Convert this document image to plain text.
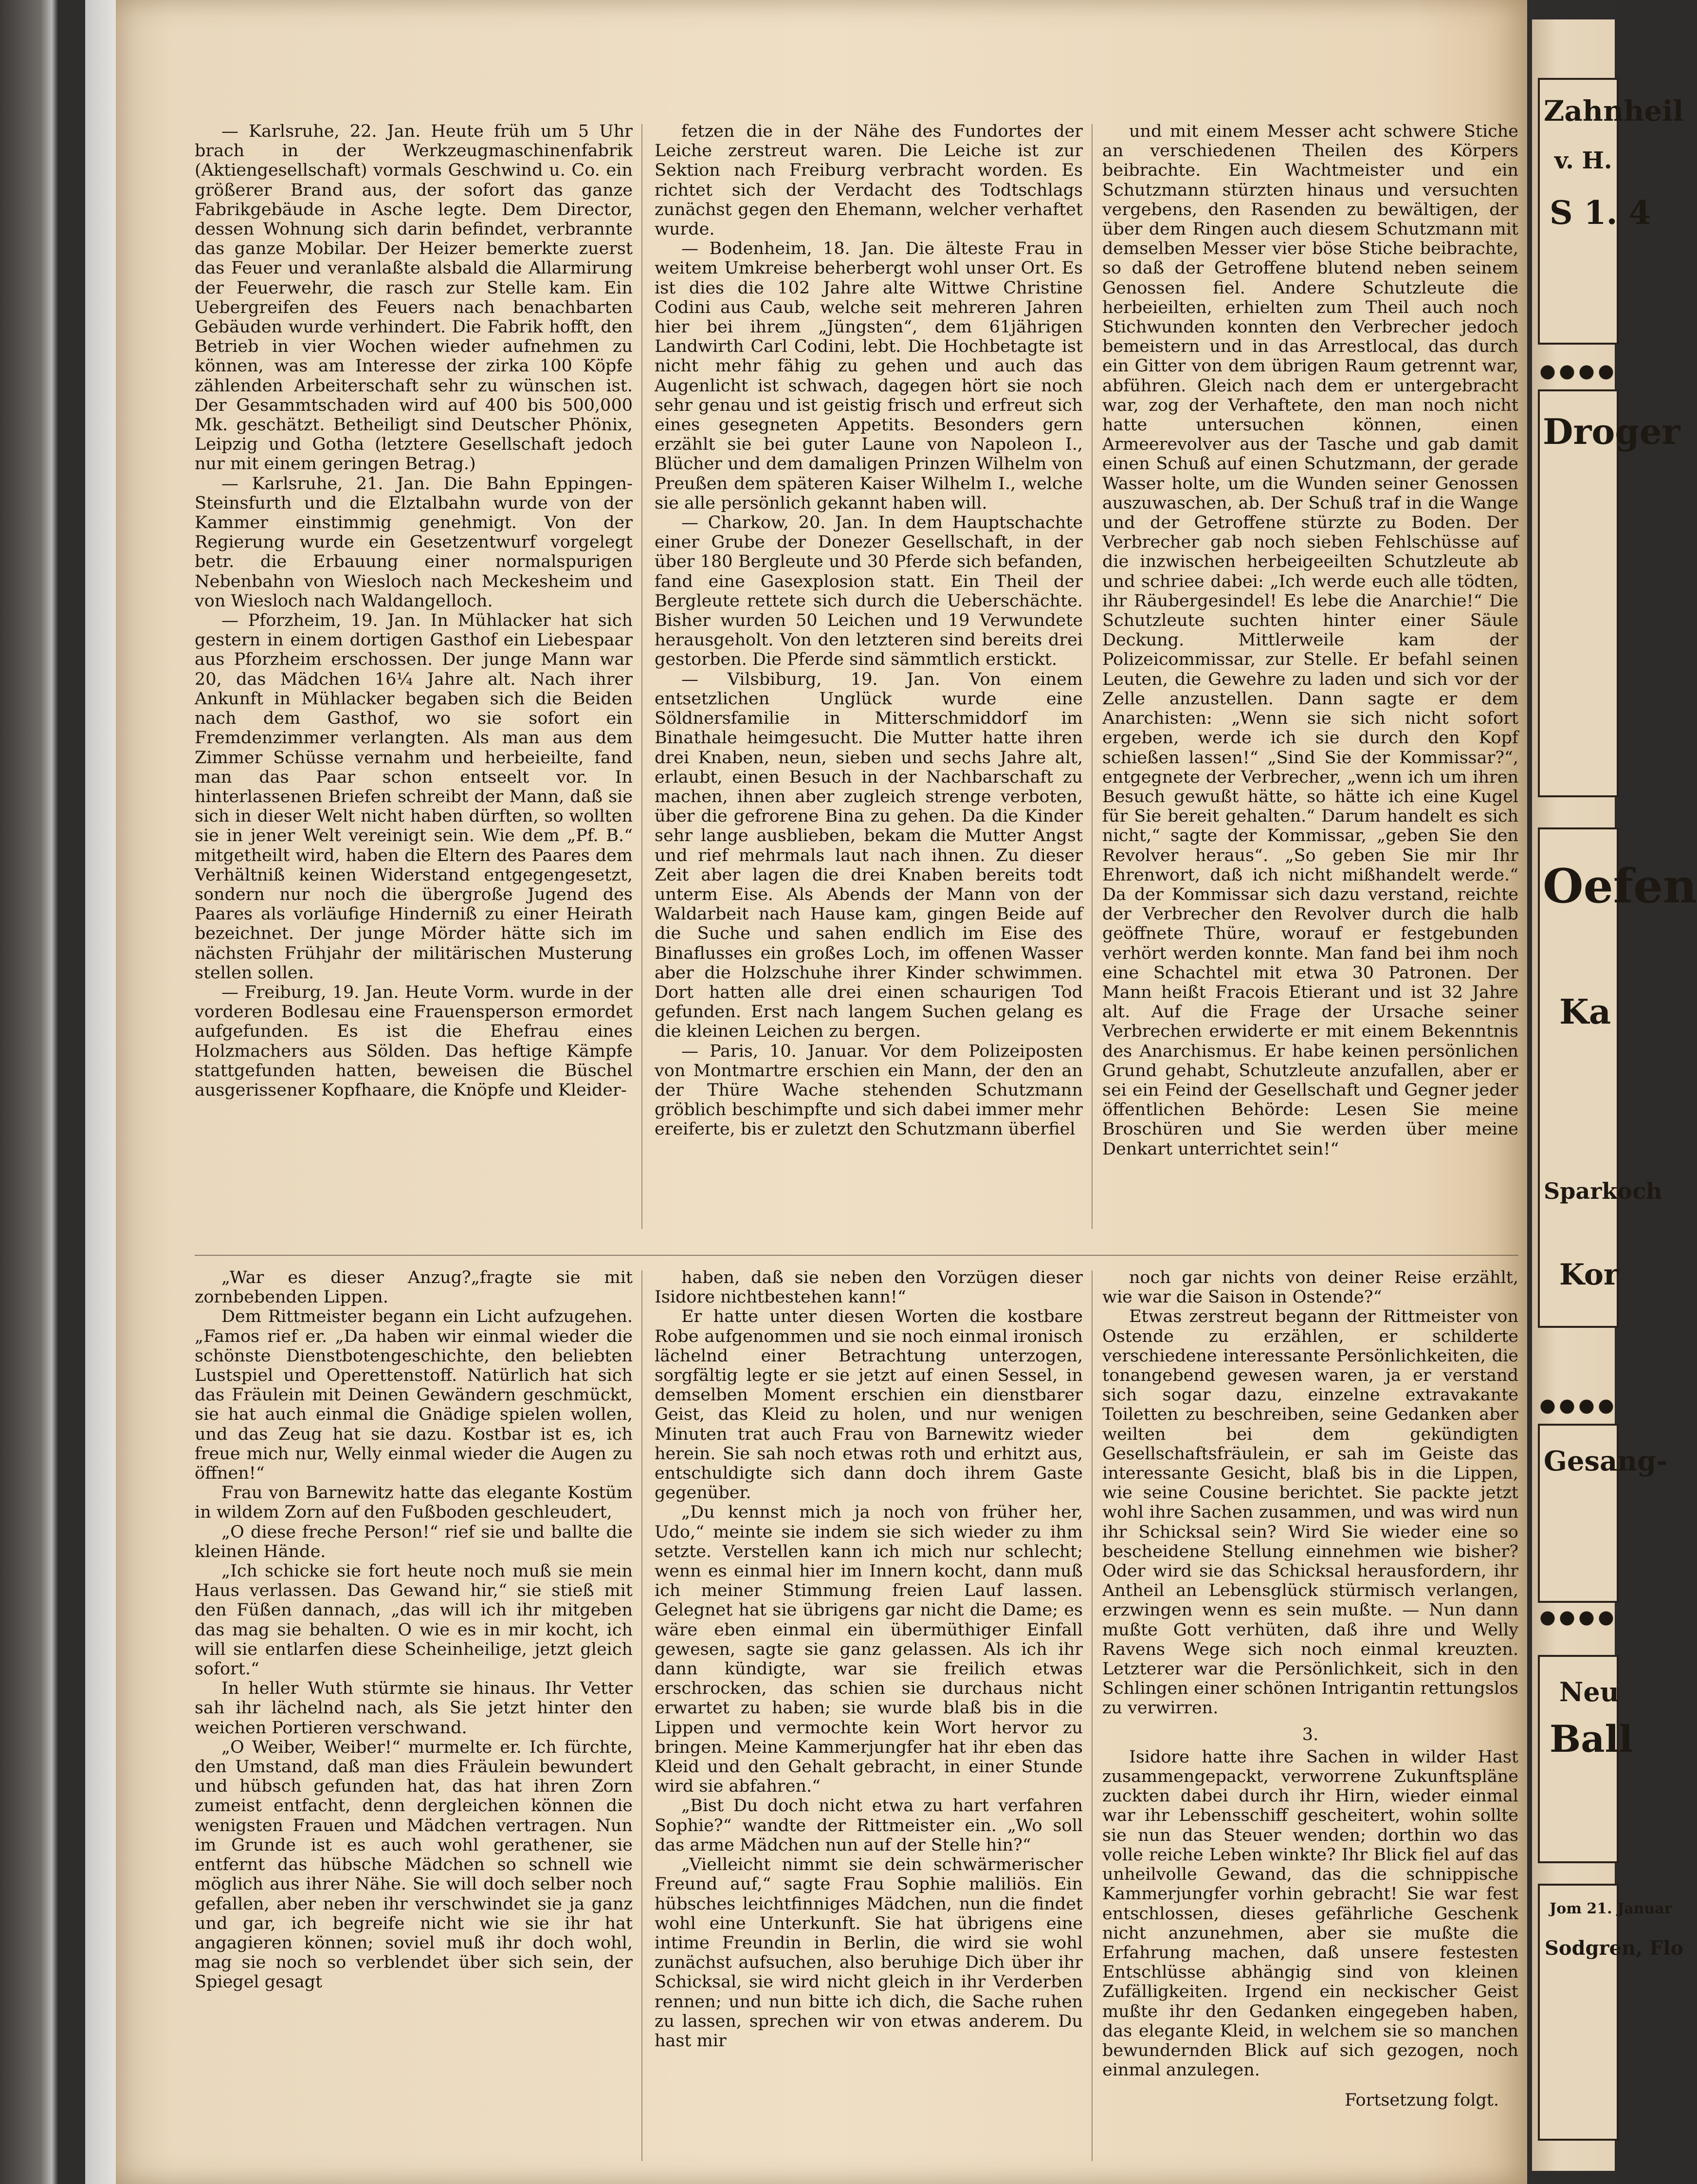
— Karlsruhe, 22. Jan. Heute früh um 5 Uhr brach in der Werkzeugmaschinenfabrik (Aktiengesellschaft) vormals Geschwind u. Co. ein größerer Brand aus, der sofort das ganze Fabrikgebäude in Asche legte. Dem Director, dessen Wohnung sich darin befindet, verbrannte das ganze Mobilar. Der Heizer bemerkte zuerst das Feuer und veranlaßte alsbald die Allarmirung der Feuerwehr, die rasch zur Stelle kam. Ein Uebergreifen des Feuers nach benachbarten Gebäuden wurde verhindert. Die Fabrik hofft, den Betrieb in vier Wochen wieder aufnehmen zu können, was am Interesse der zirka 100 Köpfe zählenden Arbeiterschaft sehr zu wünschen ist. Der Gesammtschaden wird auf 400 bis 500,000 Mk. geschätzt. Betheiligt sind Deutscher Phönix, Leipzig und Gotha (letztere Gesellschaft jedoch nur mit einem geringen Betrag.)

— Karlsruhe, 21. Jan. Die Bahn Eppingen-Steinsfurth und die Elztalbahn wurde von der Kammer einstimmig genehmigt. Von der Regierung wurde ein Gesetzentwurf vorgelegt betr. die Erbauung einer normalspurigen Nebenbahn von Wiesloch nach Meckesheim und von Wiesloch nach Waldangelloch.

— Pforzheim, 19. Jan. In Mühlacker hat sich gestern in einem dortigen Gasthof ein Liebespaar aus Pforzheim erschossen. Der junge Mann war 20, das Mädchen 16¼ Jahre alt. Nach ihrer Ankunft in Mühlacker begaben sich die Beiden nach dem Gasthof, wo sie sofort ein Fremdenzimmer verlangten. Als man aus dem Zimmer Schüsse vernahm und herbeieilte, fand man das Paar schon entseelt vor. In hinterlassenen Briefen schreibt der Mann, daß sie sich in dieser Welt nicht haben dürften, so wollten sie in jener Welt vereinigt sein. Wie dem „Pf. B.“ mitgetheilt wird, haben die Eltern des Paares dem Verhältniß keinen Widerstand entgegengesetzt, sondern nur noch die übergroße Jugend des Paares als vorläufige Hinderniß zu einer Heirath bezeichnet. Der junge Mörder hätte sich im nächsten Frühjahr der militärischen Musterung stellen sollen.

— Freiburg, 19. Jan. Heute Vorm. wurde in der vorderen Bodlesau eine Frauensperson ermordet aufgefunden. Es ist die Ehefrau eines Holzmachers aus Sölden. Das heftige Kämpfe stattgefunden hatten, beweisen die Büschel ausgerissener Kopfhaare, die Knöpfe und Kleider-

fetzen die in der Nähe des Fundortes der Leiche zerstreut waren. Die Leiche ist zur Sektion nach Freiburg verbracht worden. Es richtet sich der Verdacht des Todtschlags zunächst gegen den Ehemann, welcher verhaftet wurde.

— Bodenheim, 18. Jan. Die älteste Frau in weitem Umkreise beherbergt wohl unser Ort. Es ist dies die 102 Jahre alte Wittwe Christine Codini aus Caub, welche seit mehreren Jahren hier bei ihrem „Jüngsten“, dem 61jährigen Landwirth Carl Codini, lebt. Die Hochbetagte ist nicht mehr fähig zu gehen und auch das Augenlicht ist schwach, dagegen hört sie noch sehr genau und ist geistig frisch und erfreut sich eines gesegneten Appetits. Besonders gern erzählt sie bei guter Laune von Napoleon I., Blücher und dem damaligen Prinzen Wilhelm von Preußen dem späteren Kaiser Wilhelm I., welche sie alle persönlich gekannt haben will.

— Charkow, 20. Jan. In dem Hauptschachte einer Grube der Donezer Gesellschaft, in der über 180 Bergleute und 30 Pferde sich befanden, fand eine Gasexplosion statt. Ein Theil der Bergleute rettete sich durch die Ueberschächte. Bisher wurden 50 Leichen und 19 Verwundete herausgeholt. Von den letzteren sind bereits drei gestorben. Die Pferde sind sämmtlich erstickt.

— Vilsbiburg, 19. Jan. Von einem entsetzlichen Unglück wurde eine Söldnersfamilie in Mitterschmiddorf im Binathale heimgesucht. Die Mutter hatte ihren drei Knaben, neun, sieben und sechs Jahre alt, erlaubt, einen Besuch in der Nachbarschaft zu machen, ihnen aber zugleich strenge verboten, über die gefrorene Bina zu gehen. Da die Kinder sehr lange ausblieben, bekam die Mutter Angst und rief mehrmals laut nach ihnen. Zu dieser Zeit aber lagen die drei Knaben bereits todt unterm Eise. Als Abends der Mann von der Waldarbeit nach Hause kam, gingen Beide auf die Suche und sahen endlich im Eise des Binaflusses ein großes Loch, im offenen Wasser aber die Holzschuhe ihrer Kinder schwimmen. Dort hatten alle drei einen schaurigen Tod gefunden. Erst nach langem Suchen gelang es die kleinen Leichen zu bergen.

— Paris, 10. Januar. Vor dem Polizeiposten von Montmartre erschien ein Mann, der den an der Thüre Wache stehenden Schutzmann gröblich beschimpfte und sich dabei immer mehr ereiferte, bis er zuletzt den Schutzmann überfiel

und mit einem Messer acht schwere Stiche an verschiedenen Theilen des Körpers beibrachte. Ein Wachtmeister und ein Schutzmann stürzten hinaus und versuchten vergebens, den Rasenden zu bewältigen, der über dem Ringen auch diesem Schutzmann mit demselben Messer vier böse Stiche beibrachte, so daß der Getroffene blutend neben seinem Genossen fiel. Andere Schutzleute die herbeieilten, erhielten zum Theil auch noch Stichwunden konnten den Verbrecher jedoch bemeistern und in das Arrestlocal, das durch ein Gitter von dem übrigen Raum getrennt war, abführen. Gleich nach dem er untergebracht war, zog der Verhaftete, den man noch nicht hatte untersuchen können, einen Armeerevolver aus der Tasche und gab damit einen Schuß auf einen Schutzmann, der gerade Wasser holte, um die Wunden seiner Genossen auszuwaschen, ab. Der Schuß traf in die Wange und der Getroffene stürzte zu Boden. Der Verbrecher gab noch sieben Fehlschüsse auf die inzwischen herbeigeeilten Schutzleute ab und schriee dabei: „Ich werde euch alle tödten, ihr Räubergesindel! Es lebe die Anarchie!“ Die Schutzleute suchten hinter einer Säule Deckung. Mittlerweile kam der Polizeicommissar, zur Stelle. Er befahl seinen Leuten, die Gewehre zu laden und sich vor der Zelle anzustellen. Dann sagte er dem Anarchisten: „Wenn sie sich nicht sofort ergeben, werde ich sie durch den Kopf schießen lassen!“ „Sind Sie der Kommissar?“, entgegnete der Verbrecher, „wenn ich um ihren Besuch gewußt hätte, so hätte ich eine Kugel für Sie bereit gehalten.“ Darum handelt es sich nicht,“ sagte der Kommissar, „geben Sie den Revolver heraus“. „So geben Sie mir Ihr Ehrenwort, daß ich nicht mißhandelt werde.“ Da der Kommissar sich dazu verstand, reichte der Verbrecher den Revolver durch die halb geöffnete Thüre, worauf er festgebunden verhört werden konnte. Man fand bei ihm noch eine Schachtel mit etwa 30 Patronen. Der Mann heißt Fracois Etierant und ist 32 Jahre alt. Auf die Frage der Ursache seiner Verbrechen erwiderte er mit einem Bekenntnis des Anarchismus. Er habe keinen persönlichen Grund gehabt, Schutzleute anzufallen, aber er sei ein Feind der Gesellschaft und Gegner jeder öffentlichen Behörde: Lesen Sie meine Broschüren und Sie werden über meine Denkart unterrichtet sein!“

„War es dieser Anzug?„fragte sie mit zornbebenden Lippen.

Dem Rittmeister begann ein Licht aufzugehen. „Famos rief er. „Da haben wir einmal wieder die schönste Dienstbotengeschichte, den beliebten Lustspiel und Operettenstoff. Natürlich hat sich das Fräulein mit Deinen Gewändern geschmückt, sie hat auch einmal die Gnädige spielen wollen, und das Zeug hat sie dazu. Kostbar ist es, ich freue mich nur, Welly einmal wieder die Augen zu öffnen!“

Frau von Barnewitz hatte das elegante Kostüm in wildem Zorn auf den Fußboden geschleudert,

„O diese freche Person!“ rief sie und ballte die kleinen Hände.

„Ich schicke sie fort heute noch muß sie mein Haus verlassen. Das Gewand hir,“ sie stieß mit den Füßen dannach, „das will ich ihr mitgeben das mag sie behalten. O wie es in mir kocht, ich will sie entlarfen diese Scheinheilige, jetzt gleich sofort.“

In heller Wuth stürmte sie hinaus. Ihr Vetter sah ihr lächelnd nach, als Sie jetzt hinter den weichen Portieren verschwand.

„O Weiber, Weiber!“ murmelte er. Ich fürchte, den Umstand, daß man dies Fräulein bewundert und hübsch gefunden hat, das hat ihren Zorn zumeist entfacht, denn dergleichen können die wenigsten Frauen und Mädchen vertragen. Nun im Grunde ist es auch wohl gerathener, sie entfernt das hübsche Mädchen so schnell wie möglich aus ihrer Nähe. Sie will doch selber noch gefallen, aber neben ihr verschwindet sie ja ganz und gar, ich begreife nicht wie sie ihr hat angagieren können; soviel muß ihr doch wohl, mag sie noch so verblendet über sich sein, der Spiegel gesagt

haben, daß sie neben den Vorzügen dieser Isidore nichtbestehen kann!“

Er hatte unter diesen Worten die kostbare Robe aufgenommen und sie noch einmal ironisch lächelnd einer Betrachtung unterzogen, sorgfältig legte er sie jetzt auf einen Sessel, in demselben Moment erschien ein dienstbarer Geist, das Kleid zu holen, und nur wenigen Minuten trat auch Frau von Barnewitz wieder herein. Sie sah noch etwas roth und erhitzt aus, entschuldigte sich dann doch ihrem Gaste gegenüber.

„Du kennst mich ja noch von früher her, Udo,“ meinte sie indem sie sich wieder zu ihm setzte. Verstellen kann ich mich nur schlecht; wenn es einmal hier im Innern kocht, dann muß ich meiner Stimmung freien Lauf lassen. Gelegnet hat sie übrigens gar nicht die Dame; es wäre eben einmal ein übermüthiger Einfall gewesen, sagte sie ganz gelassen. Als ich ihr dann kündigte, war sie freilich etwas erschrocken, das schien sie durchaus nicht erwartet zu haben; sie wurde blaß bis in die Lippen und vermochte kein Wort hervor zu bringen. Meine Kammerjungfer hat ihr eben das Kleid und den Gehalt gebracht, in einer Stunde wird sie abfahren.“

„Bist Du doch nicht etwa zu hart verfahren Sophie?“ wandte der Rittmeister ein. „Wo soll das arme Mädchen nun auf der Stelle hin?“

„Vielleicht nimmt sie dein schwärmerischer Freund auf,“ sagte Frau Sophie maliliös. Ein hübsches leichtfinniges Mädchen, nun die findet wohl eine Unterkunft. Sie hat übrigens eine intime Freundin in Berlin, die wird sie wohl zunächst aufsuchen, also beruhige Dich über ihr Schicksal, sie wird nicht gleich in ihr Verderben rennen; und nun bitte ich dich, die Sache ruhen zu lassen, sprechen wir von etwas anderem. Du hast mir

noch gar nichts von deiner Reise erzählt, wie war die Saison in Ostende?“

Etwas zerstreut begann der Rittmeister von Ostende zu erzählen, er schilderte verschiedene interessante Persönlichkeiten, die tonangebend gewesen waren, ja er verstand sich sogar dazu, einzelne extravakante Toiletten zu beschreiben, seine Gedanken aber weilten bei dem gekündigten Gesellschaftsfräulein, er sah im Geiste das interessante Gesicht, blaß bis in die Lippen, wie seine Cousine berichtet. Sie packte jetzt wohl ihre Sachen zusammen, und was wird nun ihr Schicksal sein? Wird Sie wieder eine so bescheidene Stellung einnehmen wie bisher? Oder wird sie das Schicksal herausfordern, ihr Antheil an Lebensglück stürmisch verlangen, erzwingen wenn es sein mußte. — Nun dann mußte Gott verhüten, daß ihre und Welly Ravens Wege sich noch einmal kreuzten. Letzterer war die Persönlichkeit, sich in den Schlingen einer schönen Intrigantin rettungslos zu verwirren.

3.

Isidore hatte ihre Sachen in wilder Hast zusammengepackt, verworrene Zukunftspläne zuckten dabei durch ihr Hirn, wieder einmal war ihr Lebensschiff gescheitert, wohin sollte sie nun das Steuer wenden; dorthin wo das volle reiche Leben winkte? Ihr Blick fiel auf das unheilvolle Gewand, das die schnippische Kammerjungfer vorhin gebracht! Sie war fest entschlossen, dieses gefährliche Geschenk nicht anzunehmen, aber sie mußte die Erfahrung machen, daß unsere festesten Entschlüsse abhängig sind von kleinen Zufälligkeiten. Irgend ein neckischer Geist mußte ihr den Gedanken eingegeben haben, das elegante Kleid, in welchem sie so manchen bewundernden Blick auf sich gezogen, noch einmal anzulegen.

Fortsetzung folgt.

Zahnheil
v. H.
S 1. 4
Droger
Oefen
Ka
Sparkoch
Kor
Gesang-
Neu
Ball
Jom 21. Januar
Sodgren, Flo
